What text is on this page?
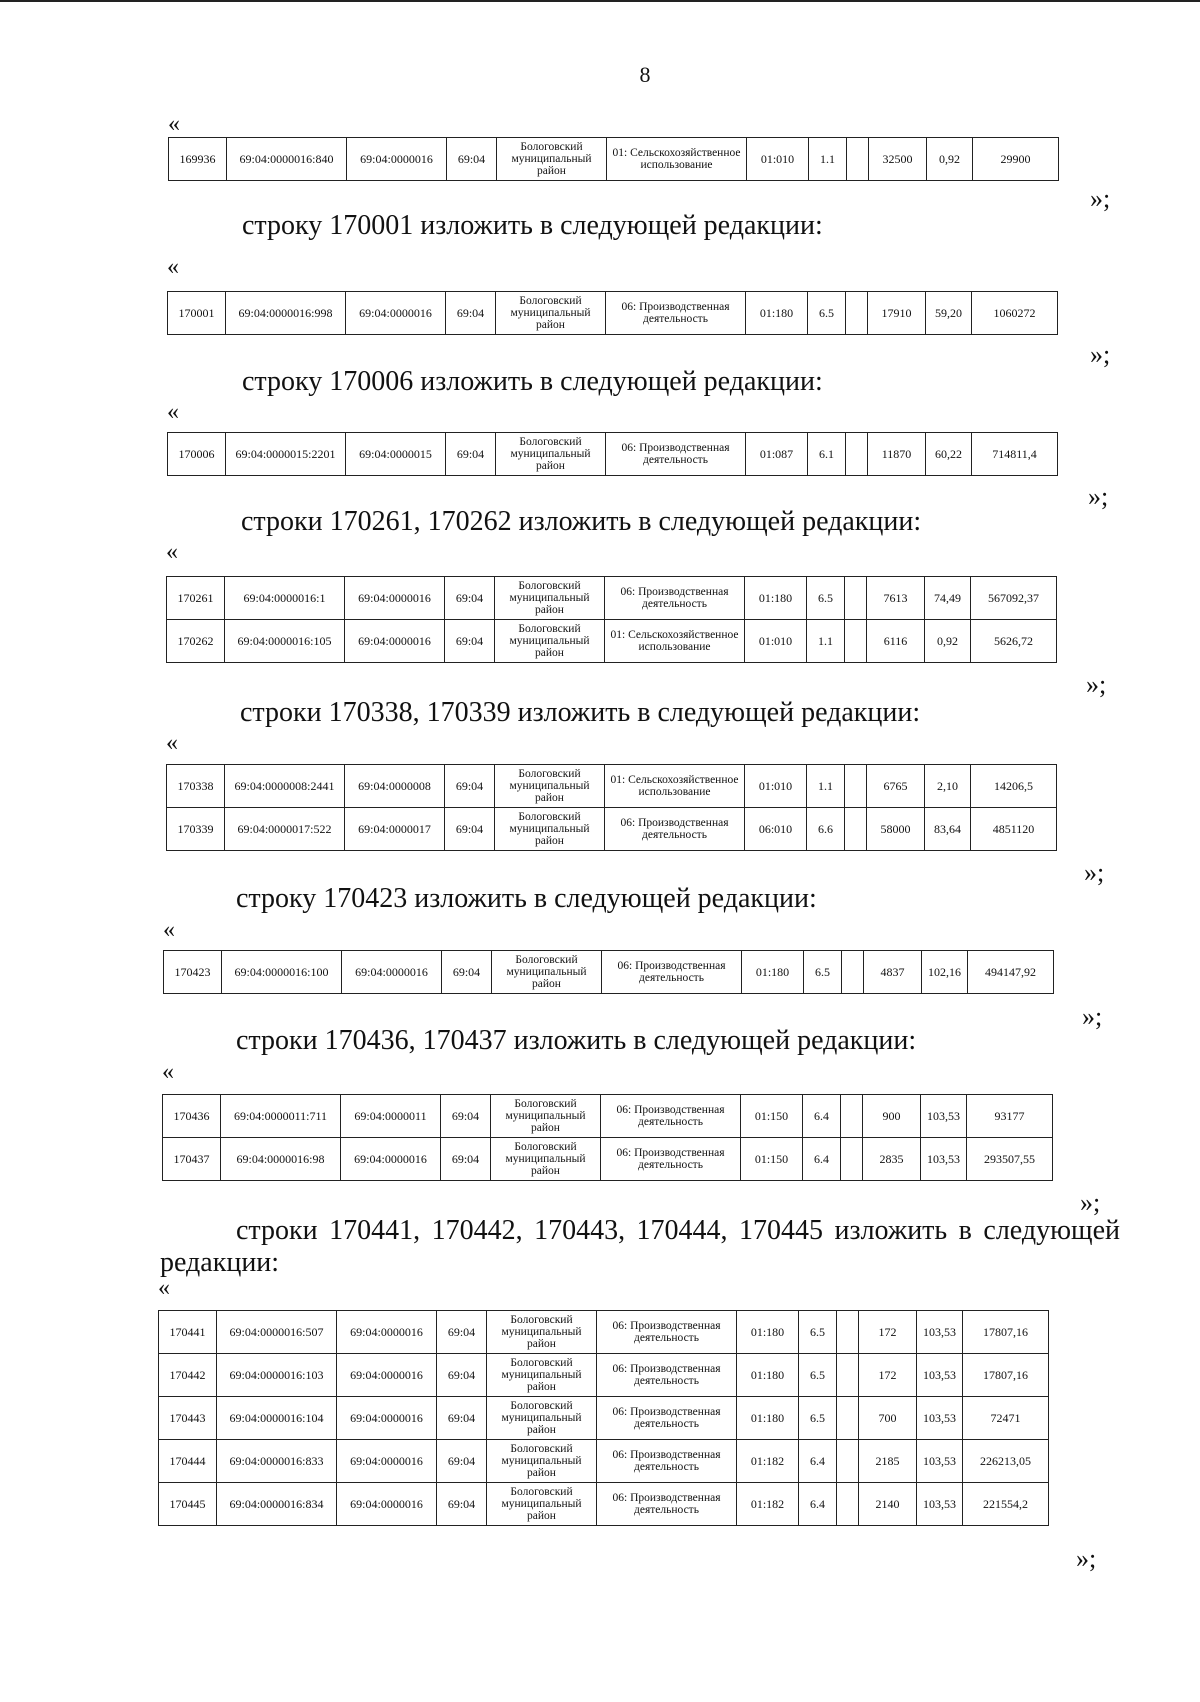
8
«
169936	69:04:0000016:840	69:04:0000016	69:04	Бологовский муниципальный район	01: Сельскохозяйственное использование	01:010	1.1		32500	0,92	29900
»;
строку 170001 изложить в следующей редакции:
«
170001	69:04:0000016:998	69:04:0000016	69:04	Бологовский муниципальный район	06: Производственная деятельность	01:180	6.5		17910	59,20	1060272
»;
строку 170006 изложить в следующей редакции:
«
170006	69:04:0000015:2201	69:04:0000015	69:04	Бологовский муниципальный район	06: Производственная деятельность	01:087	6.1		11870	60,22	714811,4
»;
строки 170261, 170262 изложить в следующей редакции:
«
170261	69:04:0000016:1	69:04:0000016	69:04	Бологовский муниципальный район	06: Производственная деятельность	01:180	6.5		7613	74,49	567092,37
170262	69:04:0000016:105	69:04:0000016	69:04	Бологовский муниципальный район	01: Сельскохозяйственное использование	01:010	1.1		6116	0,92	5626,72
»;
строки 170338, 170339 изложить в следующей редакции:
«
170338	69:04:0000008:2441	69:04:0000008	69:04	Бологовский муниципальный район	01: Сельскохозяйственное использование	01:010	1.1		6765	2,10	14206,5
170339	69:04:0000017:522	69:04:0000017	69:04	Бологовский муниципальный район	06: Производственная деятельность	06:010	6.6		58000	83,64	4851120
»;
строку 170423 изложить в следующей редакции:
«
170423	69:04:0000016:100	69:04:0000016	69:04	Бологовский муниципальный район	06: Производственная деятельность	01:180	6.5		4837	102,16	494147,92
»;
строки 170436, 170437 изложить в следующей редакции:
«
170436	69:04:0000011:711	69:04:0000011	69:04	Бологовский муниципальный район	06: Производственная деятельность	01:150	6.4		900	103,53	93177
170437	69:04:0000016:98	69:04:0000016	69:04	Бологовский муниципальный район	06: Производственная деятельность	01:150	6.4		2835	103,53	293507,55
»;
строки 170441, 170442, 170443, 170444, 170445 изложить в следующей редакции:
«
170441	69:04:0000016:507	69:04:0000016	69:04	Бологовский муниципальный район	06: Производственная деятельность	01:180	6.5		172	103,53	17807,16
170442	69:04:0000016:103	69:04:0000016	69:04	Бологовский муниципальный район	06: Производственная деятельность	01:180	6.5		172	103,53	17807,16
170443	69:04:0000016:104	69:04:0000016	69:04	Бологовский муниципальный район	06: Производственная деятельность	01:180	6.5		700	103,53	72471
170444	69:04:0000016:833	69:04:0000016	69:04	Бологовский муниципальный район	06: Производственная деятельность	01:182	6.4		2185	103,53	226213,05
170445	69:04:0000016:834	69:04:0000016	69:04	Бологовский муниципальный район	06: Производственная деятельность	01:182	6.4		2140	103,53	221554,2
»;
